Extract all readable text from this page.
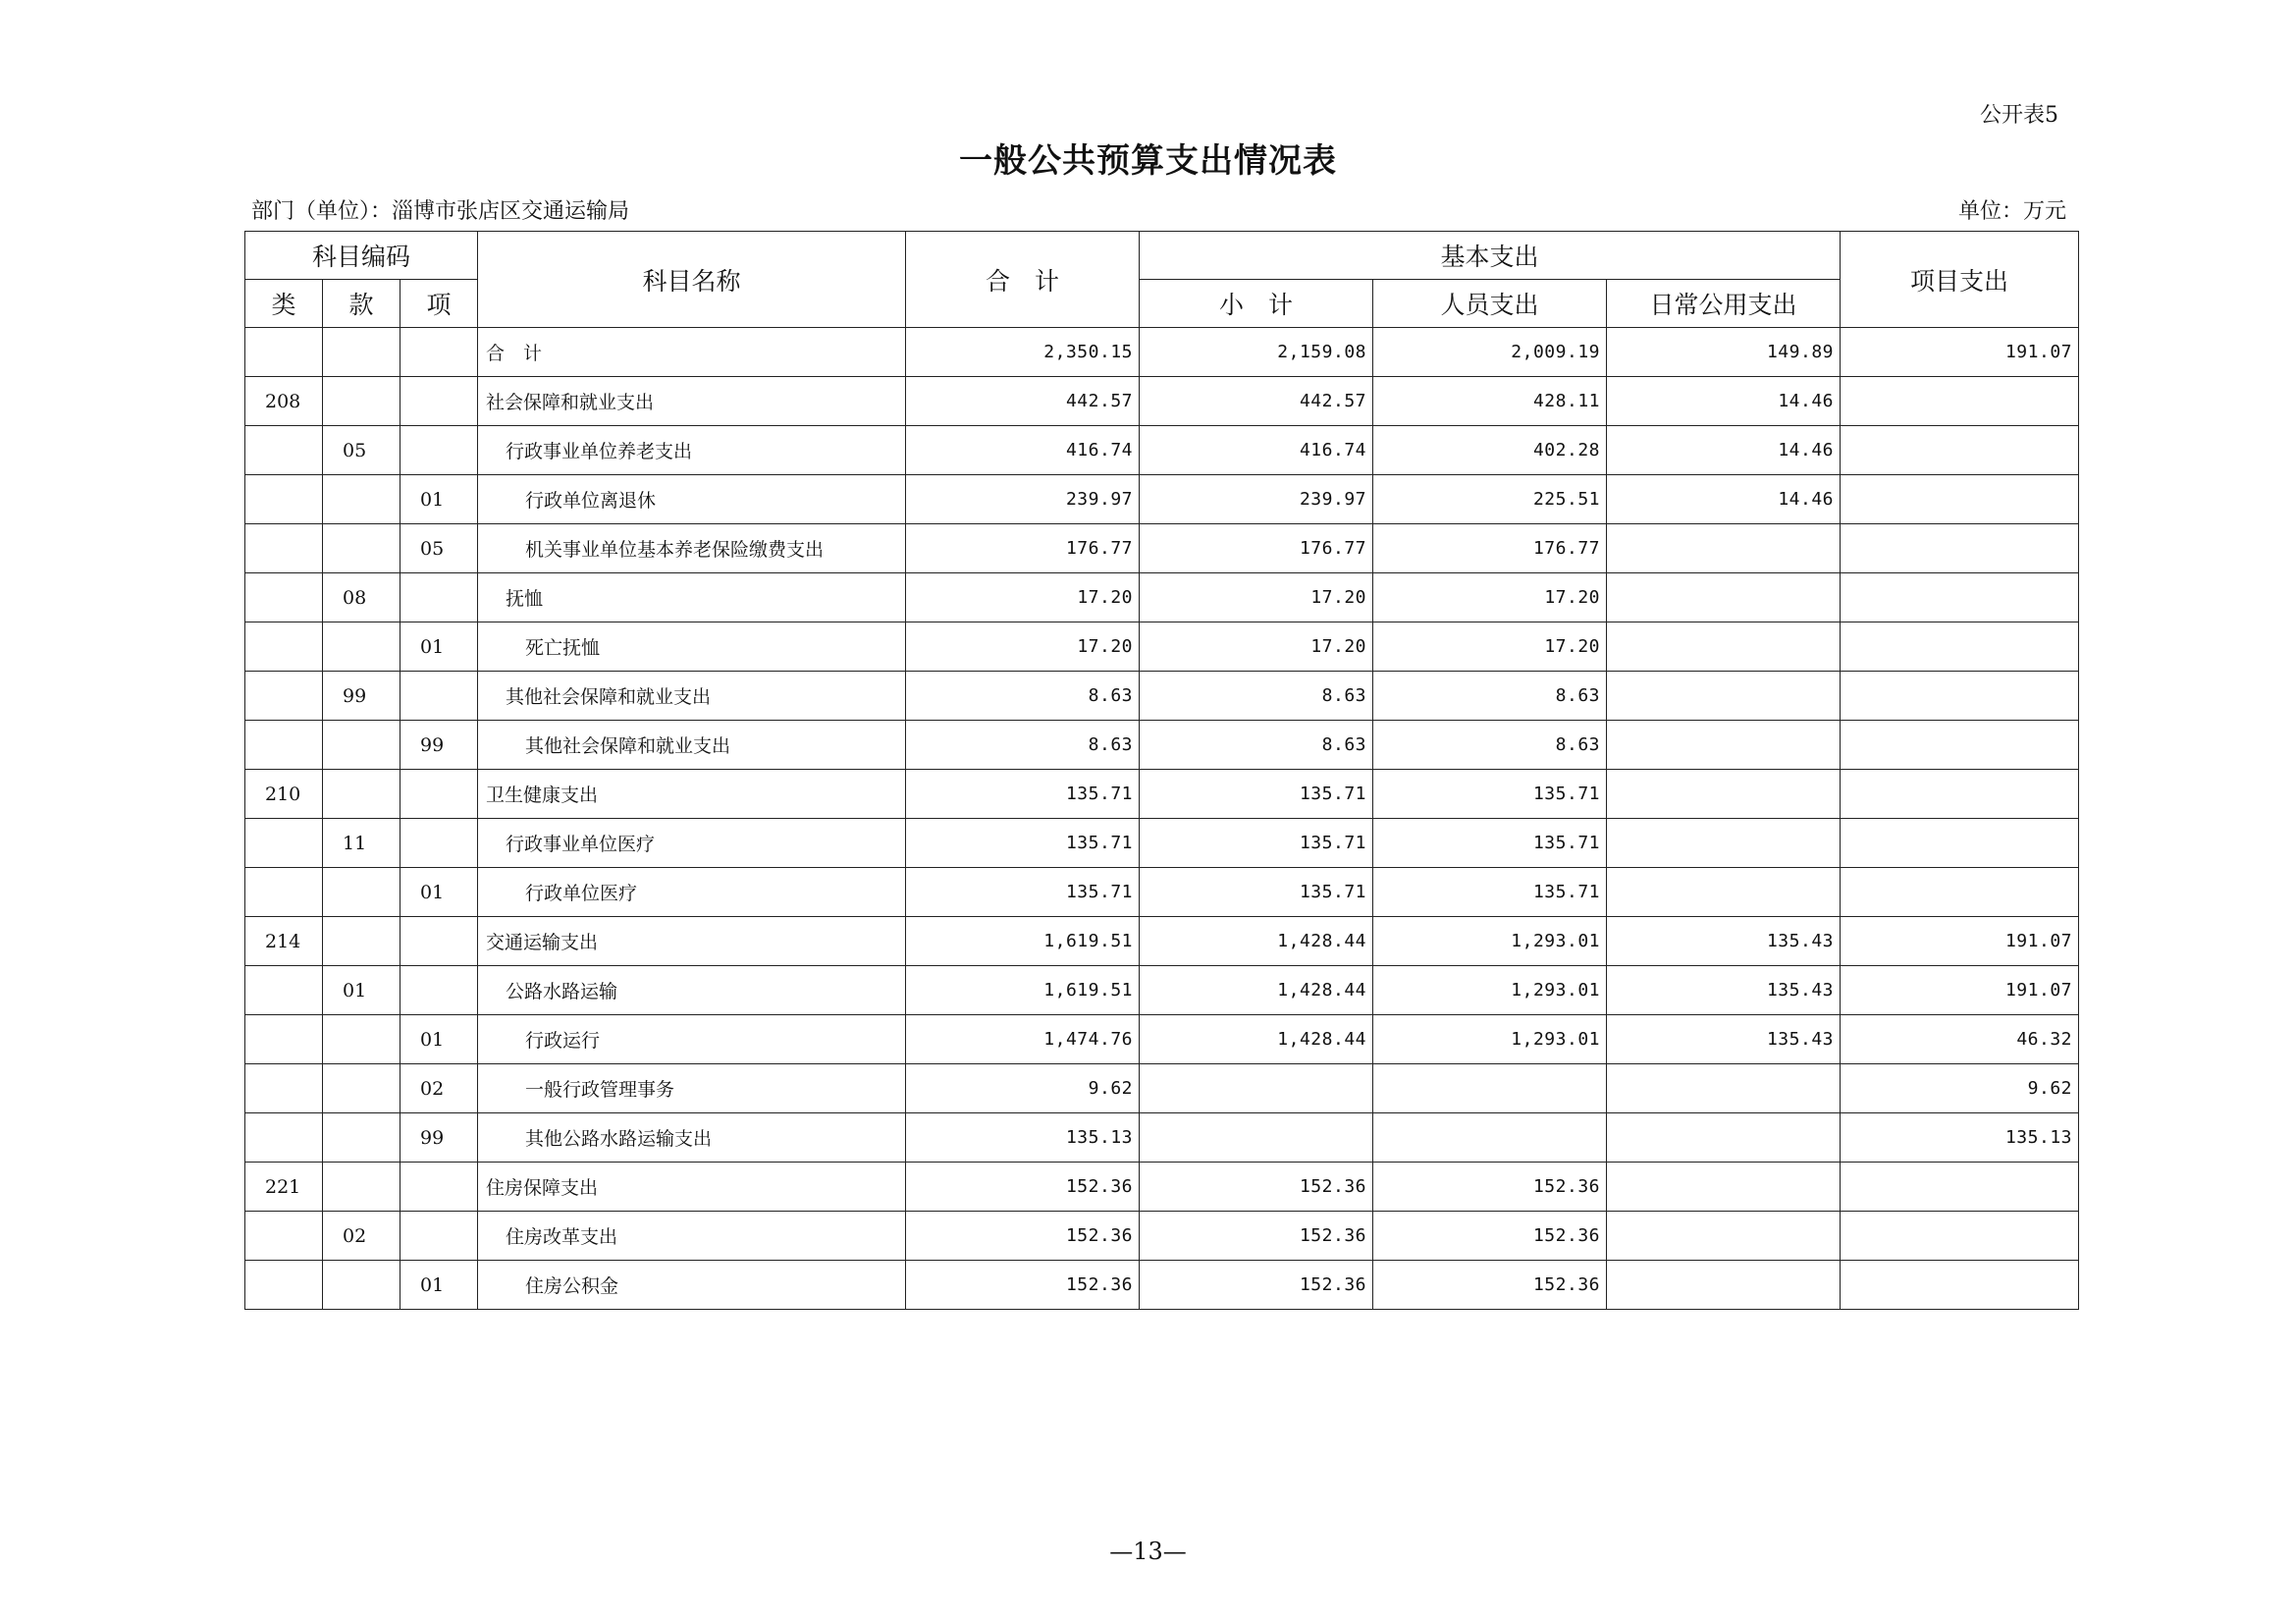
公开表5
一般公共预算支出情况表
部门（单位）：淄博市张店区交通运输局	单位：万元
科目编码			科目名称	合　计	基本支出			项目支出
类	款	项			小　计	人员支出	日常公用支出	
			合　计	2,350.15	2,159.08	2,009.19	149.89	191.07
208			社会保障和就业支出	442.57	442.57	428.11	14.46	
	05		行政事业单位养老支出	416.74	416.74	402.28	14.46	
		01	行政单位离退休	239.97	239.97	225.51	14.46	
		05	机关事业单位基本养老保险缴费支出	176.77	176.77	176.77		
	08		抚恤	17.20	17.20	17.20		
		01	死亡抚恤	17.20	17.20	17.20		
	99		其他社会保障和就业支出	8.63	8.63	8.63		
		99	其他社会保障和就业支出	8.63	8.63	8.63		
210			卫生健康支出	135.71	135.71	135.71		
	11		行政事业单位医疗	135.71	135.71	135.71		
		01	行政单位医疗	135.71	135.71	135.71		
214			交通运输支出	1,619.51	1,428.44	1,293.01	135.43	191.07
	01		公路水路运输	1,619.51	1,428.44	1,293.01	135.43	191.07
		01	行政运行	1,474.76	1,428.44	1,293.01	135.43	46.32
		02	一般行政管理事务	9.62				9.62
		99	其他公路水路运输支出	135.13				135.13
221			住房保障支出	152.36	152.36	152.36		
	02		住房改革支出	152.36	152.36	152.36		
		01	住房公积金	152.36	152.36	152.36		
—13—
